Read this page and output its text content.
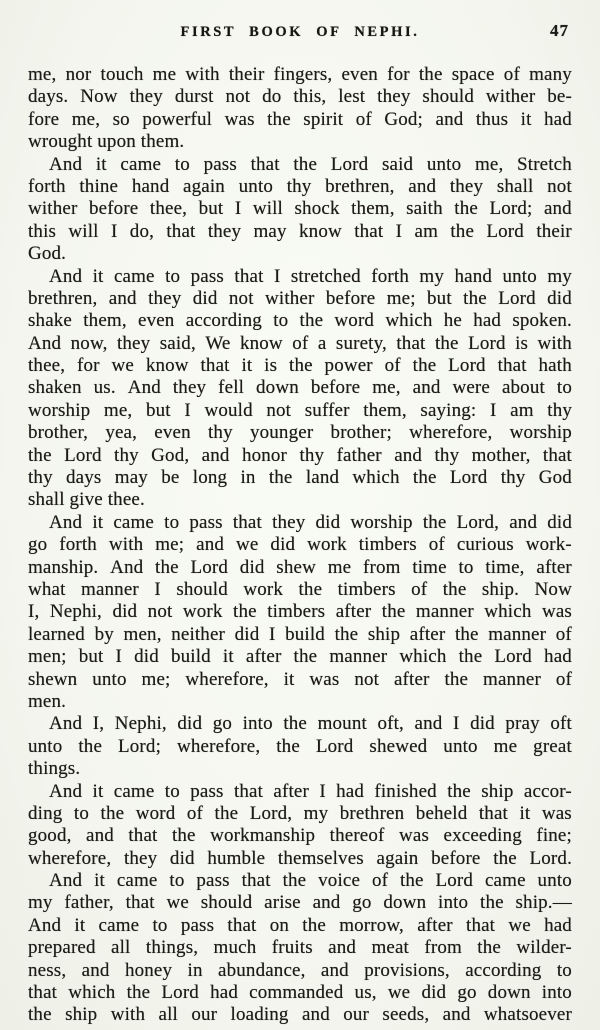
FIRST BOOK OF NEPHI.	47
me, nor touch me with their fingers, even for the space of many
days. Now they durst not do this, lest they should wither be-
fore me, so powerful was the spirit of God; and thus it had
wrought upon them.
And it came to pass that the Lord said unto me, Stretch
forth thine hand again unto thy brethren, and they shall not
wither before thee, but I will shock them, saith the Lord; and
this will I do, that they may know that I am the Lord their
God.
And it came to pass that I stretched forth my hand unto my
brethren, and they did not wither before me; but the Lord did
shake them, even according to the word which he had spoken.
And now, they said, We know of a surety, that the Lord is with
thee, for we know that it is the power of the Lord that hath
shaken us. And they fell down before me, and were about to
worship me, but I would not suffer them, saying: I am thy
brother, yea, even thy younger brother; wherefore, worship
the Lord thy God, and honor thy father and thy mother, that
thy days may be long in the land which the Lord thy God
shall give thee.
And it came to pass that they did worship the Lord, and did
go forth with me; and we did work timbers of curious work-
manship. And the Lord did shew me from time to time, after
what manner I should work the timbers of the ship. Now
I, Nephi, did not work the timbers after the manner which was
learned by men, neither did I build the ship after the manner of
men; but I did build it after the manner which the Lord had
shewn unto me; wherefore, it was not after the manner of
men.
And I, Nephi, did go into the mount oft, and I did pray oft
unto the Lord; wherefore, the Lord shewed unto me great
things.
And it came to pass that after I had finished the ship accor-
ding to the word of the Lord, my brethren beheld that it was
good, and that the workmanship thereof was exceeding fine;
wherefore, they did humble themselves again before the Lord.
And it came to pass that the voice of the Lord came unto
my father, that we should arise and go down into the ship.—
And it came to pass that on the morrow, after that we had
prepared all things, much fruits and meat from the wilder-
ness, and honey in abundance, and provisions, according to
that which the Lord had commanded us, we did go down into
the ship with all our loading and our seeds, and whatsoever
